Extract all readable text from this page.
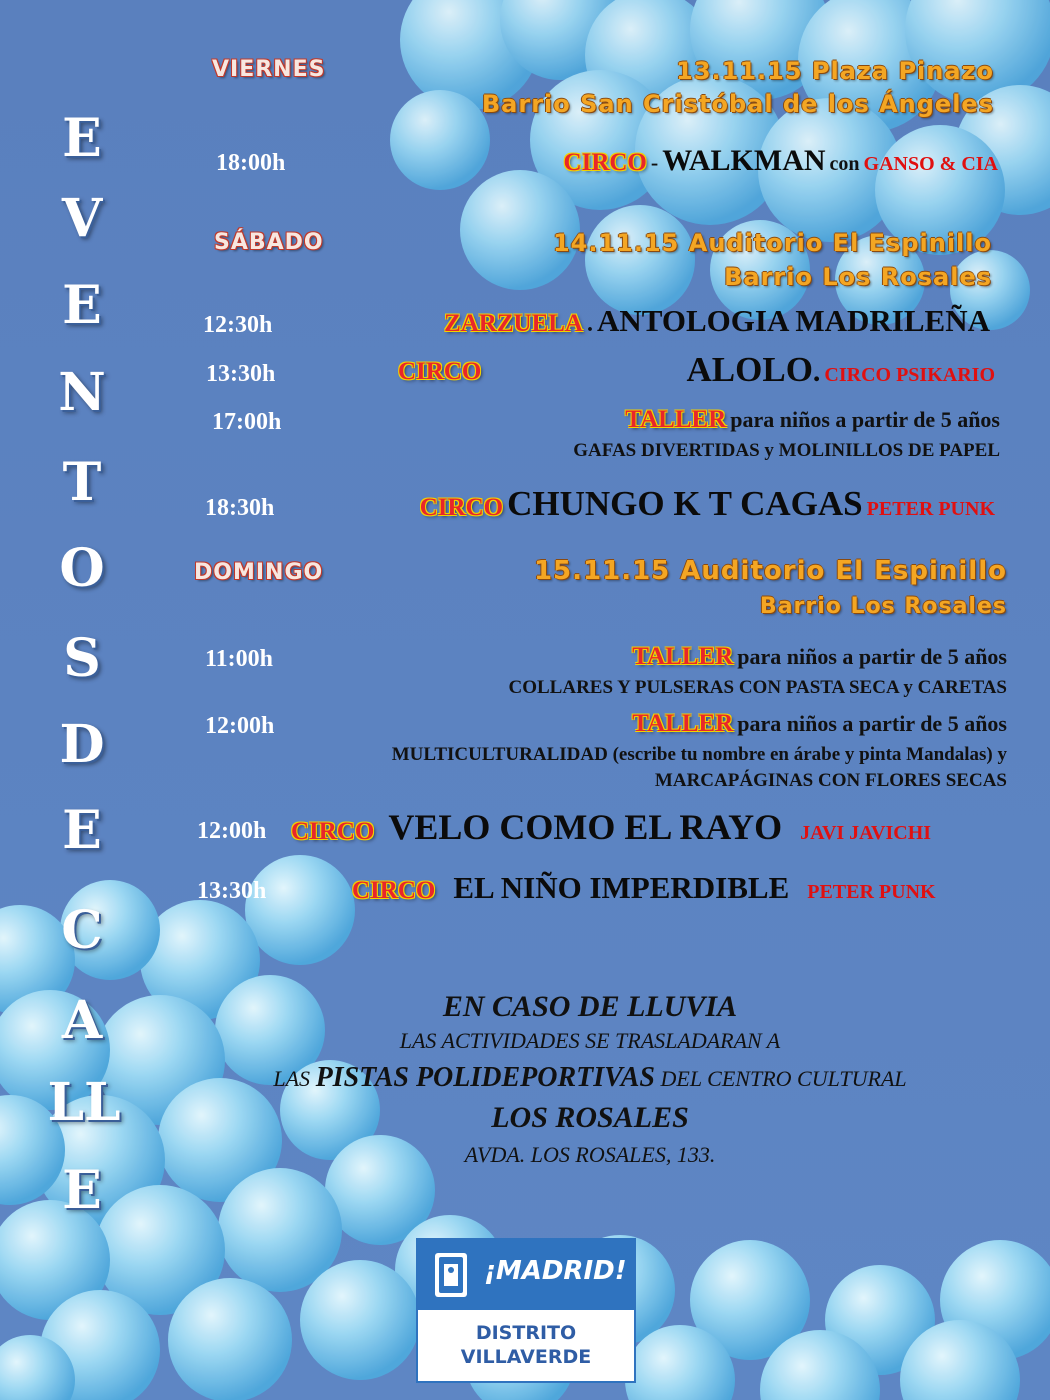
E
V
E
N
T
O
S
D
E
C
A
LL
E
VIERNES	13.11.15 Plaza Pinazo
Barrio San Cristóbal de los Ángeles
18:00h	CIRCO - WALKMAN con GANSO & CIA
SÁBADO	14.11.15 Auditorio El Espinillo
Barrio Los Rosales
12:30h	ZARZUELA . ANTOLOGIA MADRILEÑA
13:30h	CIRCO	ALOLO. CIRCO PSIKARIO
17:00h	TALLER para niños a partir de 5 años
GAFAS DIVERTIDAS y MOLINILLOS DE PAPEL
18:30h	CIRCO CHUNGO K T CAGAS PETER PUNK
DOMINGO	15.11.15 Auditorio El Espinillo
Barrio Los Rosales
11:00h	TALLER para niños a partir de 5 años
COLLARES Y PULSERAS CON PASTA SECA y CARETAS
12:00h	TALLER para niños a partir de 5 años
MULTICULTURALIDAD (escribe tu nombre en árabe y pinta Mandalas) y
MARCAPÁGINAS CON FLORES SECAS
12:00h CIRCO VELO COMO EL RAYO JAVI JAVICHI
13:30h	CIRCO EL NIÑO IMPERDIBLE PETER PUNK
EN CASO DE LLUVIA
LAS ACTIVIDADES SE TRASLADARAN A
LAS PISTAS POLIDEPORTIVAS DEL CENTRO CULTURAL
LOS ROSALES
AVDA. LOS ROSALES, 133.
¡MADRID!
DISTRITO
VILLAVERDE
